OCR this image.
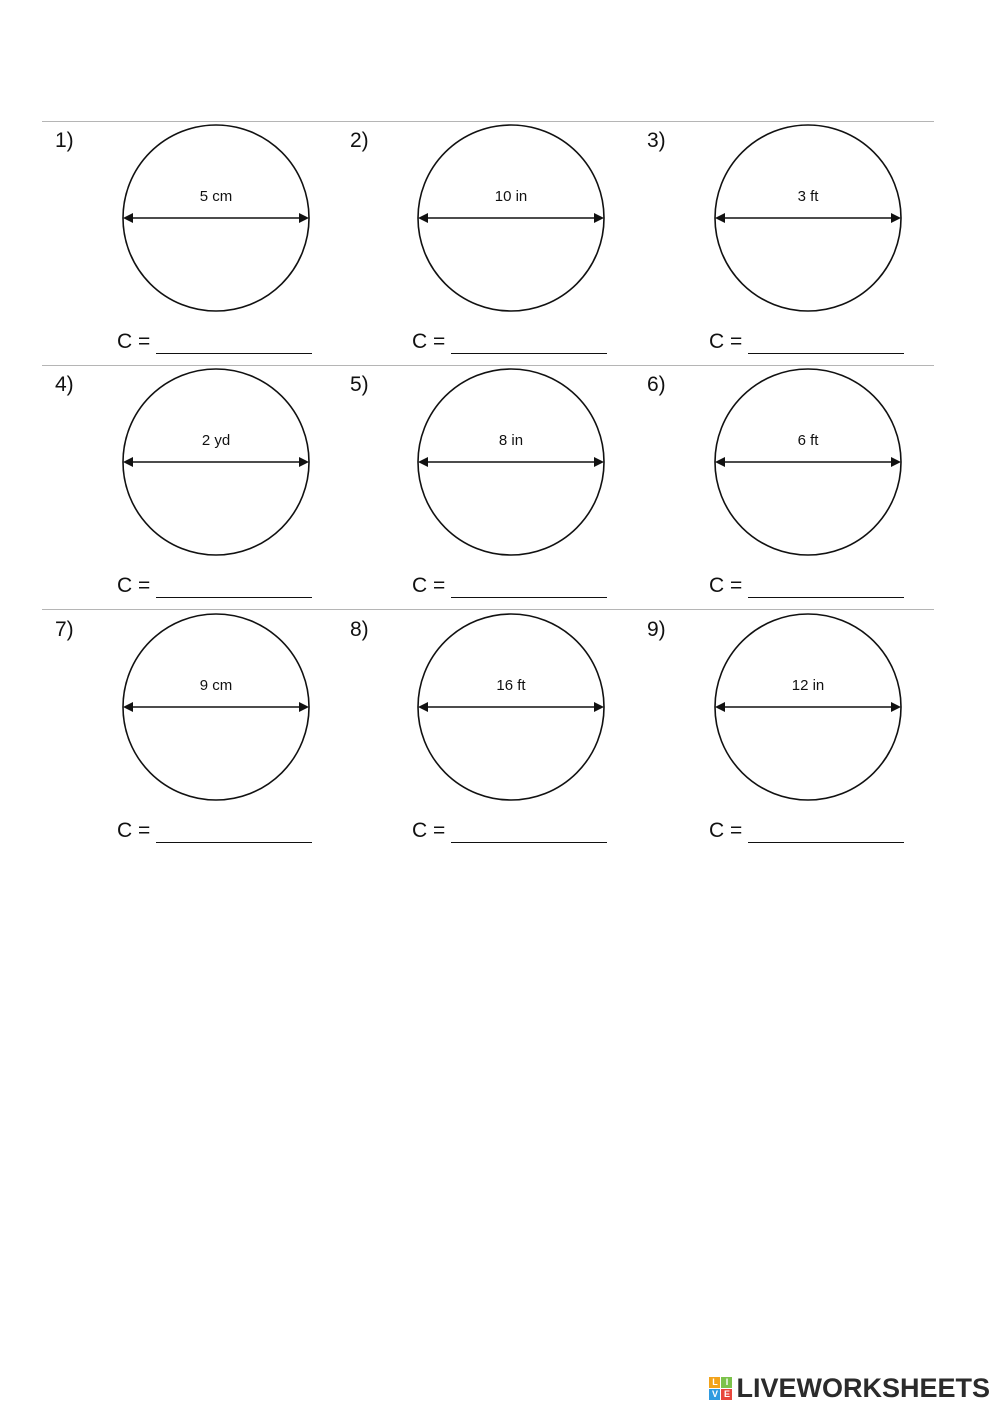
5 cm
1)
C =
10 in
2)
C =
3 ft
3)
C =
2 yd
4)
C =
8 in
5)
C =
6 ft
6)
C =
9 cm
7)
C =
16 ft
8)
C =
12 in
9)
C =
L I
V E LIVEWORKSHEETS
